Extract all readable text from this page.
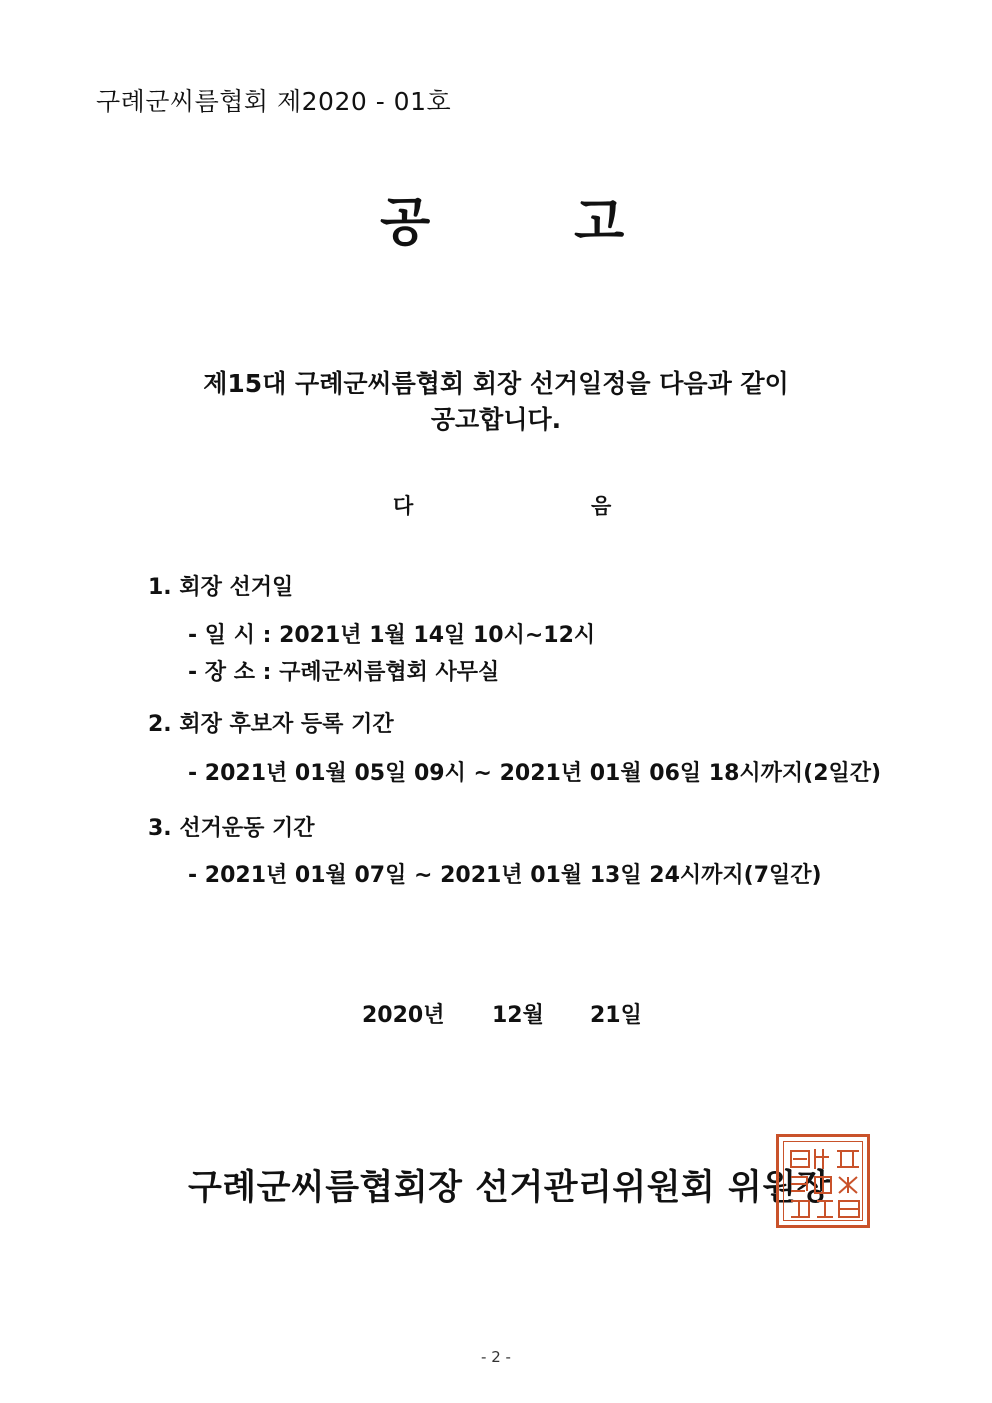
구례군씨름협회 제2020 - 01호
공	고
제15대 구례군씨름협회 회장 선거일정을 다음과 같이
공고합니다.
다	음
1. 회장 선거일
- 일 시 : 2021년 1월 14일 10시~12시
- 장 소 : 구례군씨름협회 사무실
2. 회장 후보자 등록 기간
- 2021년 01월 05일 09시 ~ 2021년 01월 06일 18시까지(2일간)
3. 선거운동 기간
- 2021년 01월 07일 ~ 2021년 01월 13일 24시까지(7일간)
2020년 12월 21일
구례군씨름협회장 선거관리위원회 위원장
- 2 -
